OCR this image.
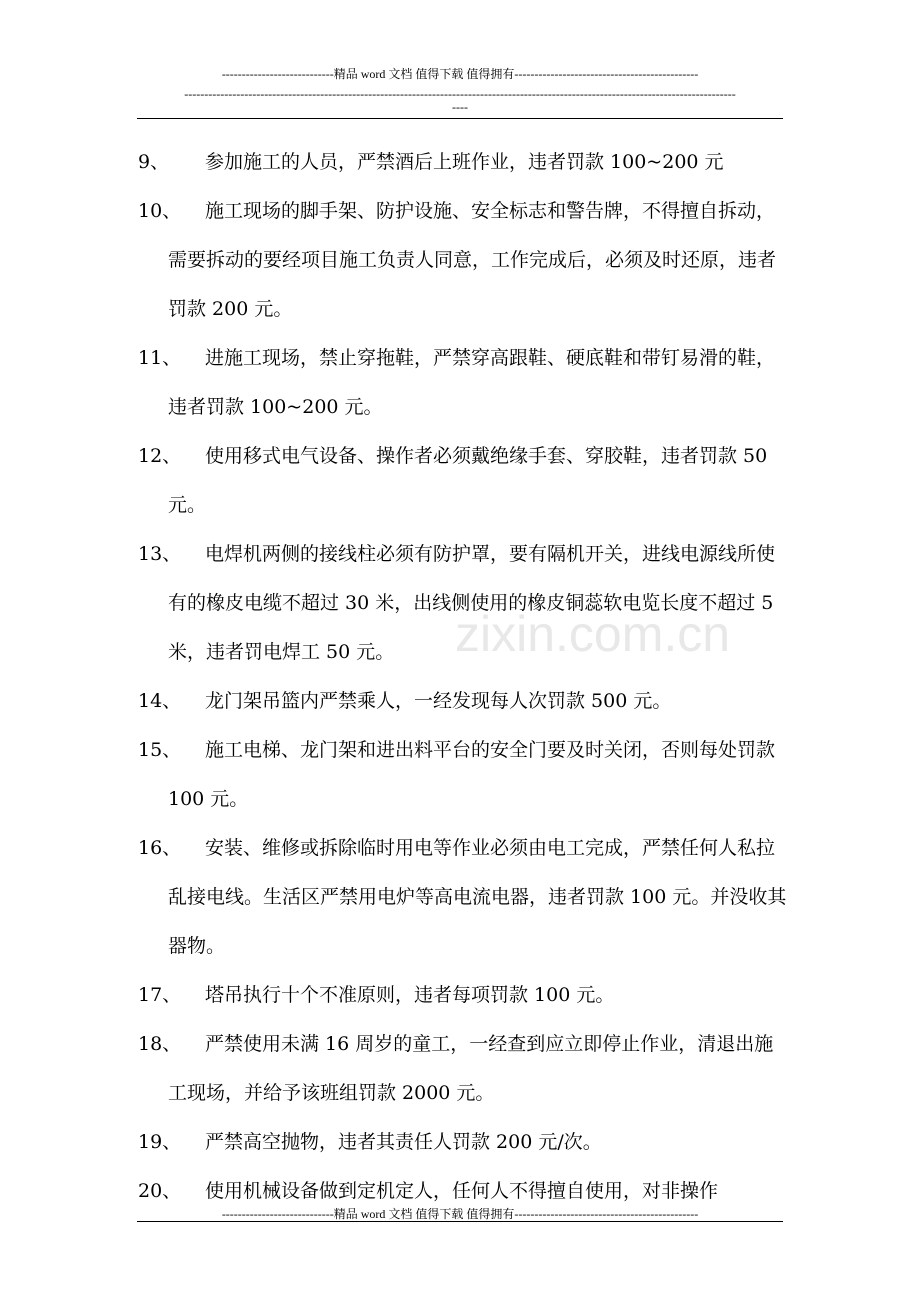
----------------------------精品 word 文档 值得下载 值得拥有----------------------------------------------
------------------------------------------------------------------------------------------------------------------------------------------
----
zixin.com.cn
9、	参加施工的人员，严禁酒后上班作业，违者罚款 100~200 元
10、	施工现场的脚手架、防护设施、安全标志和警告牌，不得擅自拆动，需要拆动的要经项目施工负责人同意，工作完成后，必须及时还原，违者罚款 200 元。
11、	进施工现场，禁止穿拖鞋，严禁穿高跟鞋、硬底鞋和带钉易滑的鞋，违者罚款 100~200 元。
12、	使用移式电气设备、操作者必须戴绝缘手套、穿胶鞋，违者罚款 50 元。
13、	电焊机两侧的接线柱必须有防护罩，要有隔机开关，进线电源线所使有的橡皮电缆不超过 30 米，出线侧使用的橡皮铜蕊软电览长度不超过 5 米，违者罚电焊工 50 元。
14、	龙门架吊篮内严禁乘人，一经发现每人次罚款 500 元。
15、	施工电梯、龙门架和进出料平台的安全门要及时关闭，否则每处罚款 100 元。
16、	安装、维修或拆除临时用电等作业必须由电工完成，严禁任何人私拉乱接电线。生活区严禁用电炉等高电流电器，违者罚款 100 元。并没收其器物。
17、	塔吊执行十个不准原则，违者每项罚款 100 元。
18、	严禁使用未满 16 周岁的童工，一经查到应立即停止作业，清退出施工现场，并给予该班组罚款 2000 元。
19、	严禁高空抛物，违者其责任人罚款 200 元/次。
20、	使用机械设备做到定机定人，任何人不得擅自使用，对非操作
----------------------------精品 word 文档 值得下载 值得拥有----------------------------------------------
